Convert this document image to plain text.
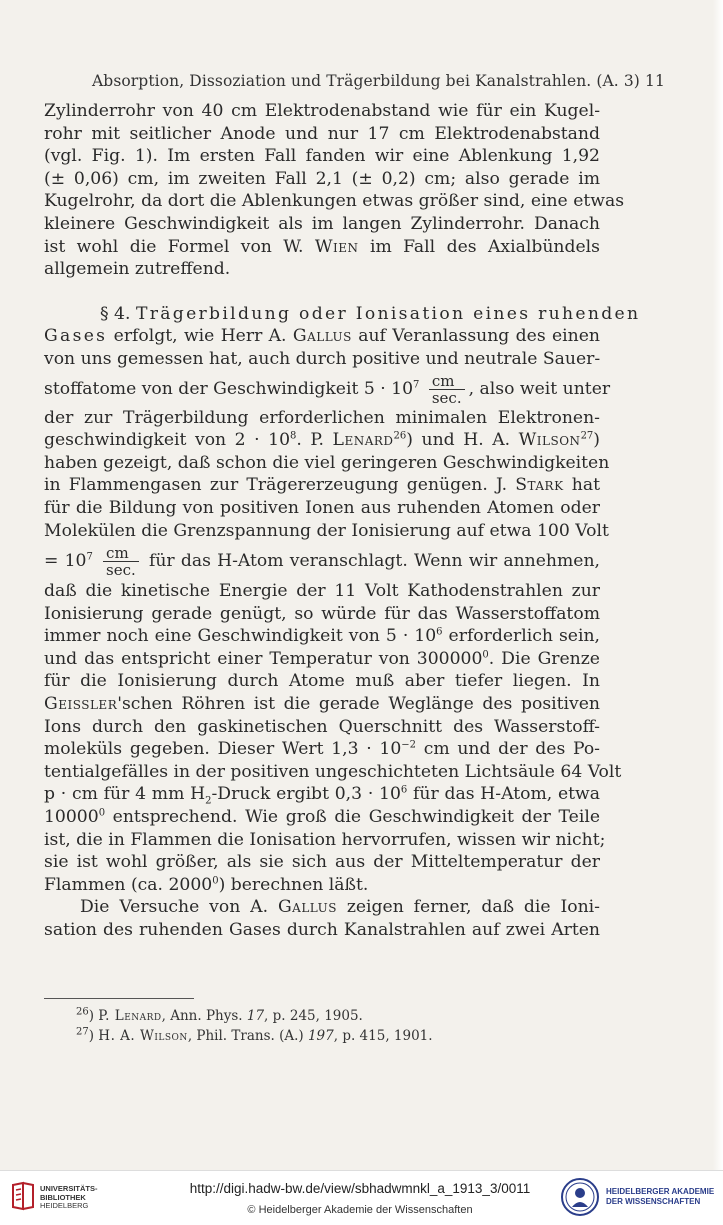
Absorption, Dissoziation und Trägerbildung bei Kanalstrahlen. (A. 3) 11
Zylinderrohr von 40 cm Elektrodenabstand wie für ein Kugel-
rohr mit seitlicher Anode und nur 17 cm Elektrodenabstand
(vgl. Fig. 1). Im ersten Fall fanden wir eine Ablenkung 1,92
(± 0,06) cm, im zweiten Fall 2,1 (± 0,2) cm; also gerade im
Kugelrohr, da dort die Ablenkungen etwas größer sind, eine etwas
kleinere Geschwindigkeit als im langen Zylinderrohr. Danach
ist wohl die Formel von W. Wien im Fall des Axialbündels
allgemein zutreffend.
§ 4. Trägerbildung oder Ionisation eines ruhenden
Gases erfolgt, wie Herr A. Gallus auf Veranlassung des einen
von uns gemessen hat, auch durch positive und neutrale Sauer-
stoffatome von der Geschwindigkeit $5 \cdot 10^7 \frac{cm}{\sec.}$ , also weit unter
der zur Trägerbildung erforderlichen minimalen Elektronen-
geschwindigkeit von $2 \cdot 10^8$. P. Lenard$^{26}$) und H. A. Wilson$^{27}$)
haben gezeigt, daß schon die viel geringeren Geschwindigkeiten
in Flammengasen zur Trägererzeugung genügen. J. Stark hat
für die Bildung von positiven Ionen aus ruhenden Atomen oder
Molekülen die Grenzspannung der Ionisierung auf etwa 100 Volt
= $10^7 \frac{cm}{\sec.}$ für das H-Atom veranschlagt. Wenn wir annehmen,
daß die kinetische Energie der 11 Volt Kathodenstrahlen zur
Ionisierung gerade genügt, so würde für das Wasserstoffatom
immer noch eine Geschwindigkeit von $5 \cdot 10^6$ erforderlich sein,
und das entspricht einer Temperatur von 300000$^0$. Die Grenze
für die Ionisierung durch Atome muß aber tiefer liegen. In
Geissler'schen Röhren ist die gerade Weglänge des positiven
Ions durch den gaskinetischen Querschnitt des Wasserstoff-
moleküls gegeben. Dieser Wert $1,3 \cdot 10^{-2}$ cm und der des Po-
tentialgefälles in der positiven ungeschichteten Lichtsäule 64 Volt
p · cm für 4 mm $H_2$-Druck ergibt $0,3 \cdot 10^6$ für das H-Atom, etwa
10000$^0$ entsprechend. Wie groß die Geschwindigkeit der Teile
ist, die in Flammen die Ionisation hervorrufen, wissen wir nicht;
sie ist wohl größer, als sie sich aus der Mitteltemperatur der
Flammen (ca. 2000$^0$) berechnen läßt.
Die Versuche von A. Gallus zeigen ferner, daß die Ioni-
sation des ruhenden Gases durch Kanalstrahlen auf zwei Arten
$^{26}$) P. Lenard, Ann. Phys. 17, p. 245, 1905.
$^{27}$) H. A. Wilson, Phil. Trans. (A.) 197, p. 415, 1901.
UNIVERSITÄTS-
BIBLIOTHEK
HEIDELBERG
http://digi.hadw-bw.de/view/sbhadwmnkl_a_1913_3/0011
© Heidelberger Akademie der Wissenschaften
HEIDELBERGER AKADEMIE
DER WISSENSCHAFTEN
